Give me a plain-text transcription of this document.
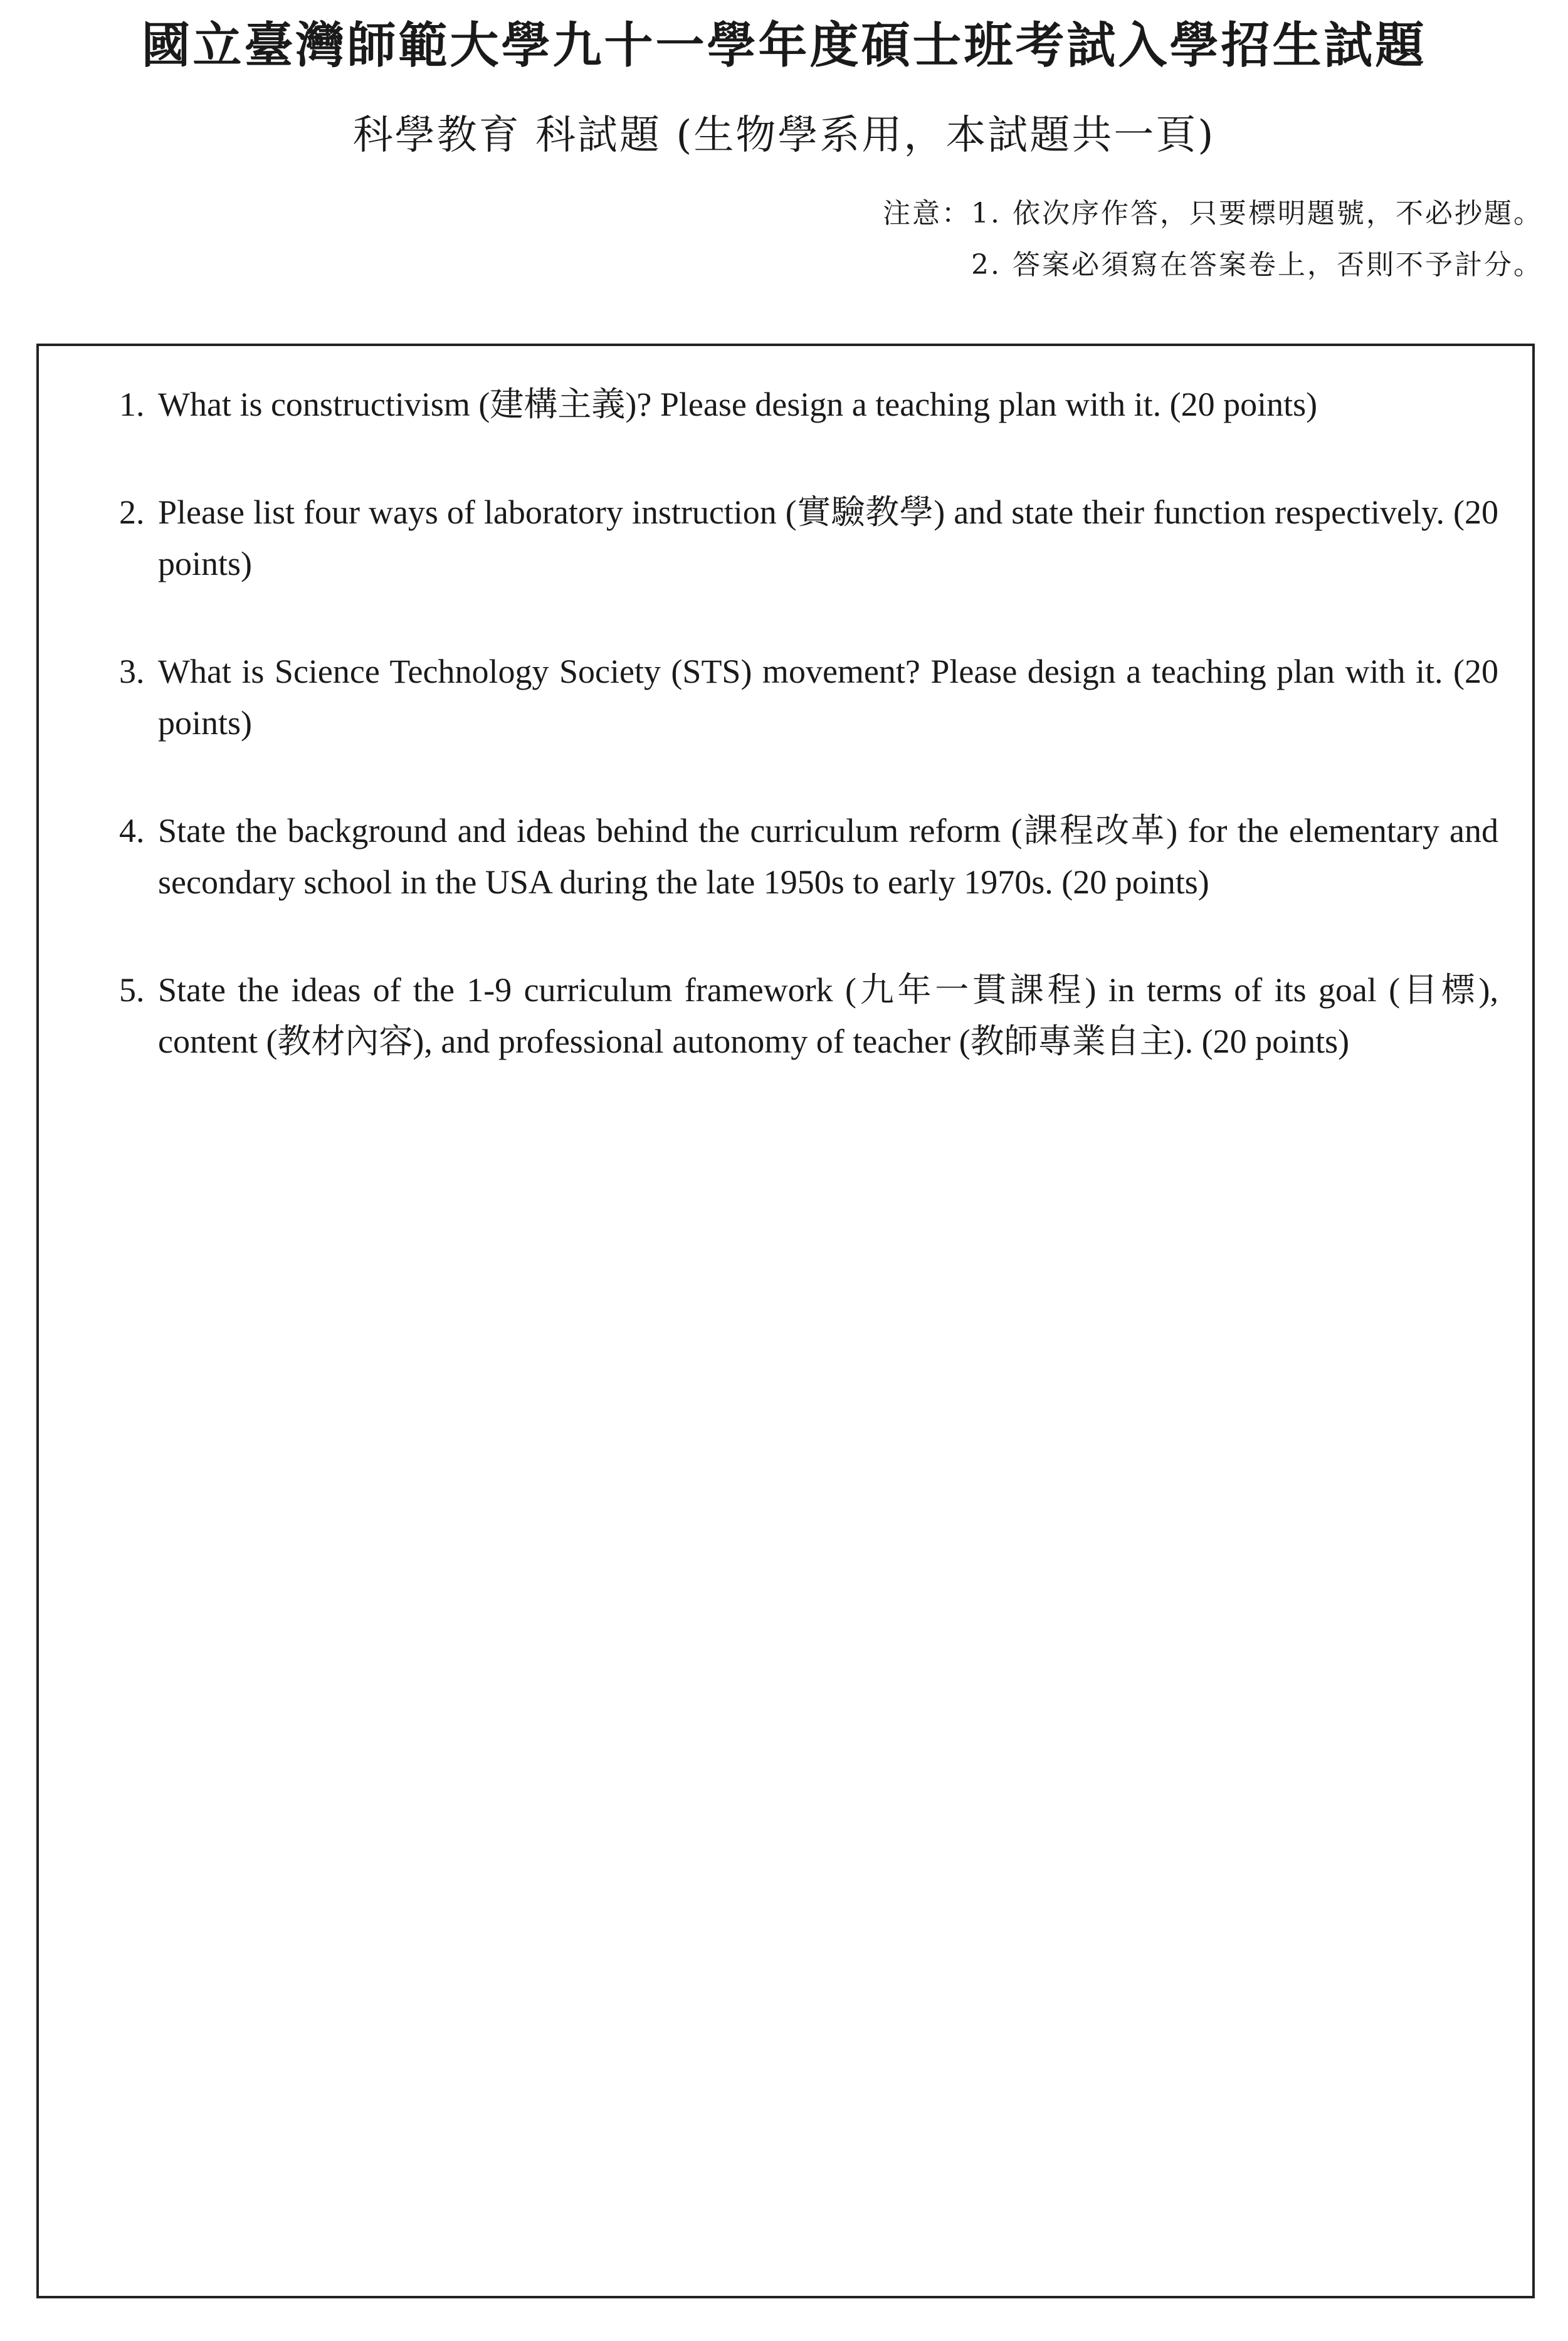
國立臺灣師範大學九十一學年度碩士班考試入學招生試題
科學教育 科試題 (生物學系用，本試題共一頁)
注意： 1. 依次序作答，只要標明題號，不必抄題。
2. 答案必須寫在答案卷上，否則不予計分。
1. What is constructivism (建構主義)? Please design a teaching plan with it. (20 points)
2. Please list four ways of laboratory instruction (實驗教學) and state their function respectively. (20 points)
3. What is Science Technology Society (STS) movement? Please design a teaching plan with it. (20 points)
4. State the background and ideas behind the curriculum reform (課程改革) for the elementary and secondary school in the USA during the late 1950s to early 1970s. (20 points)
5. State the ideas of the 1-9 curriculum framework (九年一貫課程) in terms of its goal (目標), content (教材內容), and professional autonomy of teacher (教師專業自主). (20 points)
